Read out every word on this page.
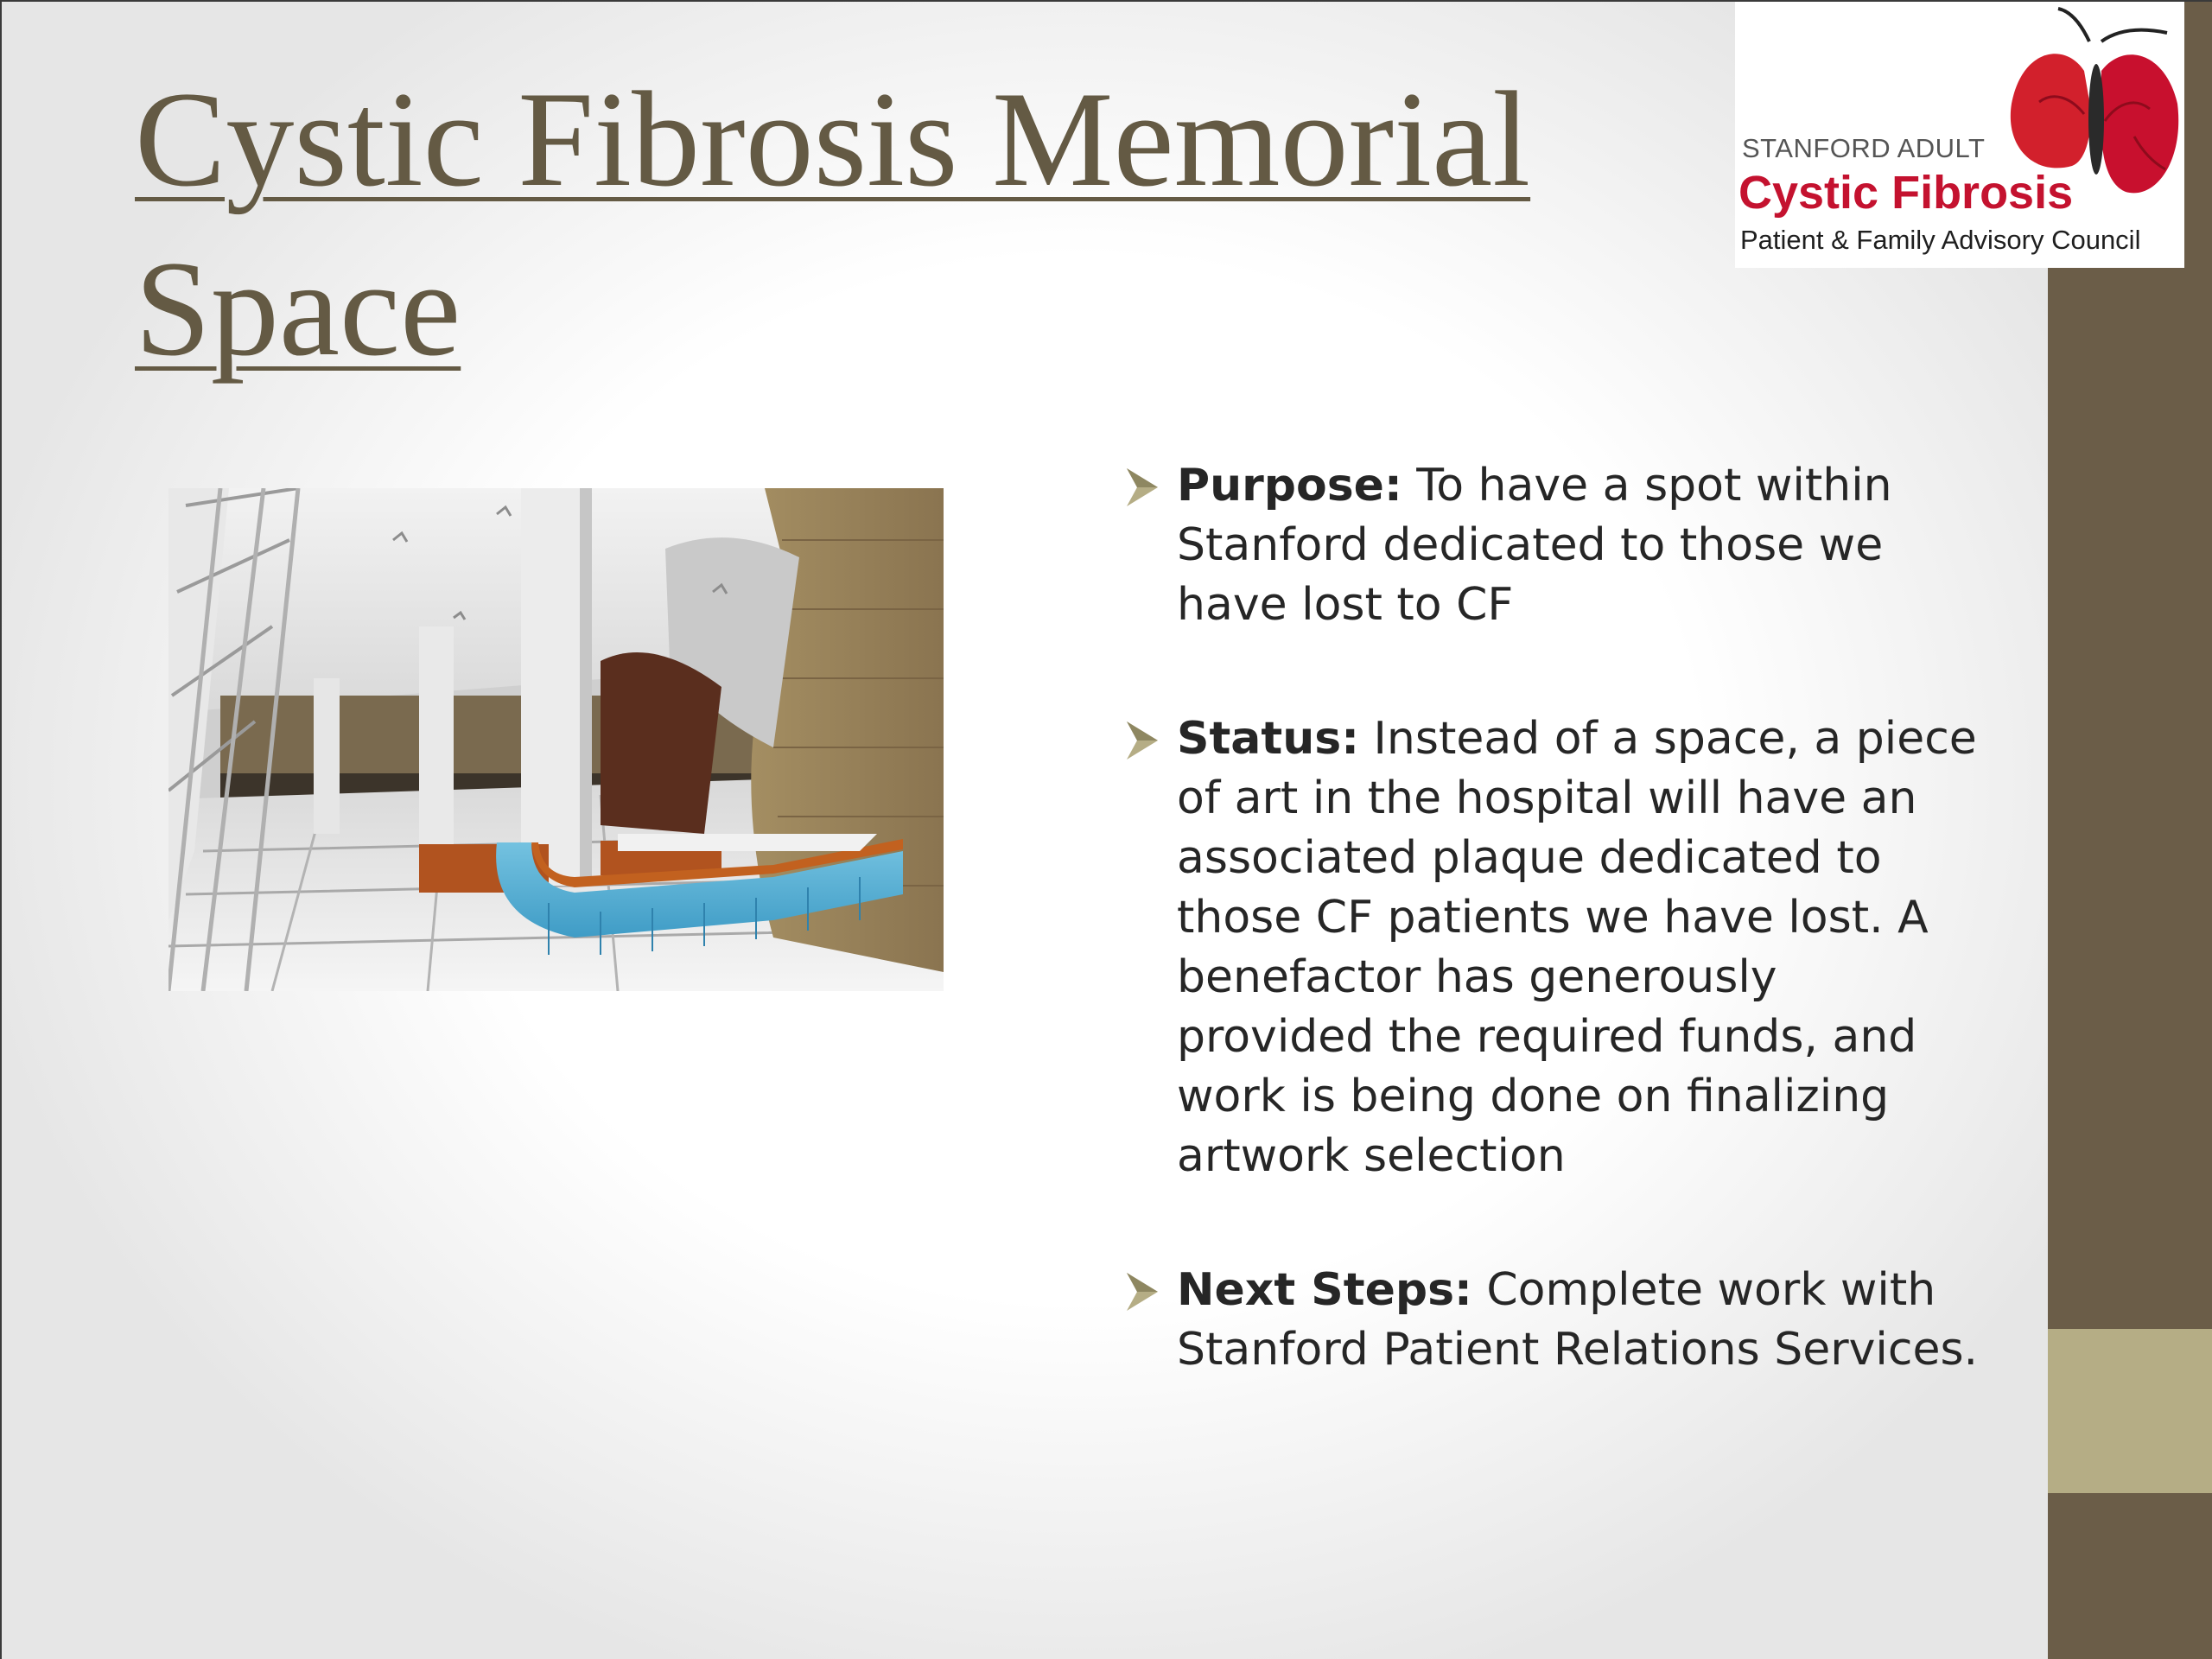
Cystic Fibrosis Memorial Space
STANFORD ADULT
Cystic Fibrosis
Patient & Family Advisory Council
Purpose: To have a spot within Stanford dedicated to those we have lost to CF
Status: Instead of a space, a piece of art in the hospital will have an associated plaque dedicated to those CF patients we have lost. A benefactor has generously provided the required funds, and work is being done on finalizing artwork selection
Next Steps: Complete work with Stanford Patient Relations Services.
